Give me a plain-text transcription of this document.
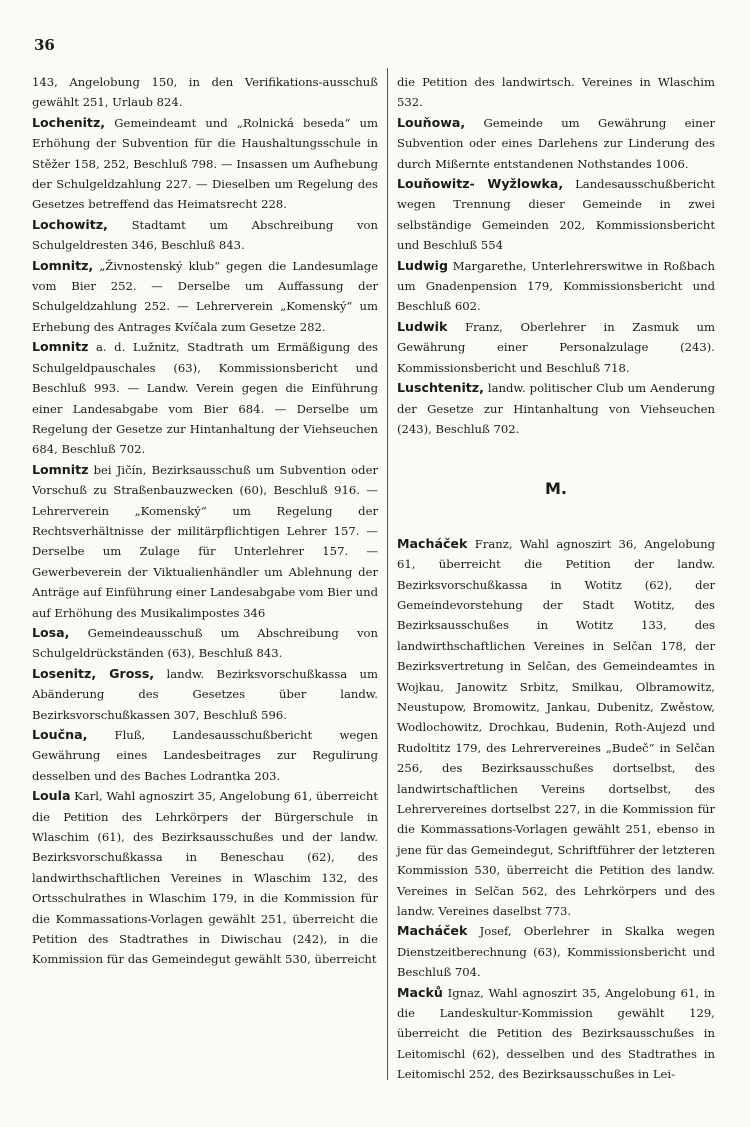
36

143, Angelobung 150, in den Verifikations-ausschuß gewählt 251, Urlaub 824.

Lochenitz, Gemeindeamt und „Rolnická beseda“ um Erhöhung der Subvention für die Haushaltungsschule in Stěžer 158, 252, Beschluß 798. — Insassen um Aufhebung der Schulgeldzahlung 227. — Dieselben um Regelung des Gesetzes betreffend das Heimatsrecht 228.

Lochowitz, Stadtamt um Abschreibung von Schulgeldresten 346, Beschluß 843.

Lomnitz, „Živnostenský klub“ gegen die Landesumlage vom Bier 252. — Derselbe um Auffassung der Schulgeldzahlung 252. — Lehrerverein „Komenský“ um Erhebung des Antrages Kvíčala zum Gesetze 282.

Lomnitz a. d. Lužnitz, Stadtrath um Ermäßigung des Schulgeldpauschales (63), Kommissionsbericht und Beschluß 993. — Landw. Verein gegen die Einführung einer Landesabgabe vom Bier 684. — Derselbe um Regelung der Gesetze zur Hintanhaltung der Viehseuchen 684, Beschluß 702.

Lomnitz bei Jičín, Bezirksausschuß um Subvention oder Vorschuß zu Straßenbauzwecken (60), Beschluß 916. — Lehrerverein „Komenský“ um Regelung der Rechtsverhältnisse der militärpflichtigen Lehrer 157. — Derselbe um Zulage für Unterlehrer 157. — Gewerbeverein der Viktualienhändler um Ablehnung der Anträge auf Einführung einer Landesabgabe vom Bier und auf Erhöhung des Musikalimpostes 346

Losa, Gemeindeausschuß um Abschreibung von Schulgeldrückständen (63), Beschluß 843.

Losenitz, Gross, landw. Bezirksvorschußkassa um Abänderung des Gesetzes über landw. Bezirksvorschußkassen 307, Beschluß 596.

Loučna, Fluß, Landesausschußbericht wegen Gewährung eines Landesbeitrages zur Regulirung desselben und des Baches Lodrantka 203.

Loula Karl, Wahl agnoszirt 35, Angelobung 61, überreicht die Petition des Lehrkörpers der Bürgerschule in Wlaschim (61), des Bezirksausschußes und der landw. Bezirksvorschußkassa in Beneschau (62), des landwirthschaftlichen Vereines in Wlaschim 132, des Ortsschulrathes in Wlaschim 179, in die Kommission für die Kommassations-Vorlagen gewählt 251, überreicht die Petition des Stadtrathes in Diwischau (242), in die Kommission für das Gemeindegut gewählt 530, überreicht

die Petition des landwirtsch. Vereines in Wlaschim 532.

Louňowa, Gemeinde um Gewährung einer Subvention oder eines Darlehens zur Linderung des durch Mißernte entstandenen Nothstandes 1006.

Louňowitz- Wyžlowka, Landesausschußbericht wegen Trennung dieser Gemeinde in zwei selbständige Gemeinden 202, Kommissionsbericht und Beschluß 554

Ludwig Margarethe, Unterlehrerswitwe in Roßbach um Gnadenpension 179, Kommissionsbericht und Beschluß 602.

Ludwik Franz, Oberlehrer in Zasmuk um Gewährung einer Personalzulage (243). Kommissionsbericht und Beschluß 718.

Luschtenitz, landw. politischer Club um Aenderung der Gesetze zur Hintanhaltung von Viehseuchen (243), Beschluß 702.

M.

Macháček Franz, Wahl agnoszirt 36, Angelobung 61, überreicht die Petition der landw. Bezirksvorschußkassa in Wotitz (62), der Gemeindevorstehung der Stadt Wotitz, des Bezirksausschußes in Wotitz 133, des landwirthschaftlichen Vereines in Selčan 178, der Bezirksvertretung in Selčan, des Gemeindeamtes in Wojkau, Janowitz Srbitz, Smilkau, Olbramowitz, Neustupow, Bromowitz, Jankau, Dubenitz, Zwěstow, Wodlochowitz, Drochkau, Budenin, Roth-Aujezd und Rudoltitz 179, des Lehrervereines „Budeč“ in Selčan 256, des Bezirksausschußes dortselbst, des landwirtschaftlichen Vereins dortselbst, des Lehrervereines dortselbst 227, in die Kommission für die Kommassations-Vorlagen gewählt 251, ebenso in jene für das Gemeindegut, Schriftführer der letzteren Kommission 530, überreicht die Petition des landw. Vereines in Selčan 562, des Lehrkörpers und des landw. Vereines daselbst 773.

Macháček Josef, Oberlehrer in Skalka wegen Dienstzeitberechnung (63), Kommissionsbericht und Beschluß 704.

Macků Ignaz, Wahl agnoszirt 35, Angelobung 61, in die Landeskultur-Kommission gewählt 129, überreicht die Petition des Bezirksausschußes in Leitomischl (62), desselben und des Stadtrathes in Leitomischl 252, des Bezirksausschußes in Lei-
